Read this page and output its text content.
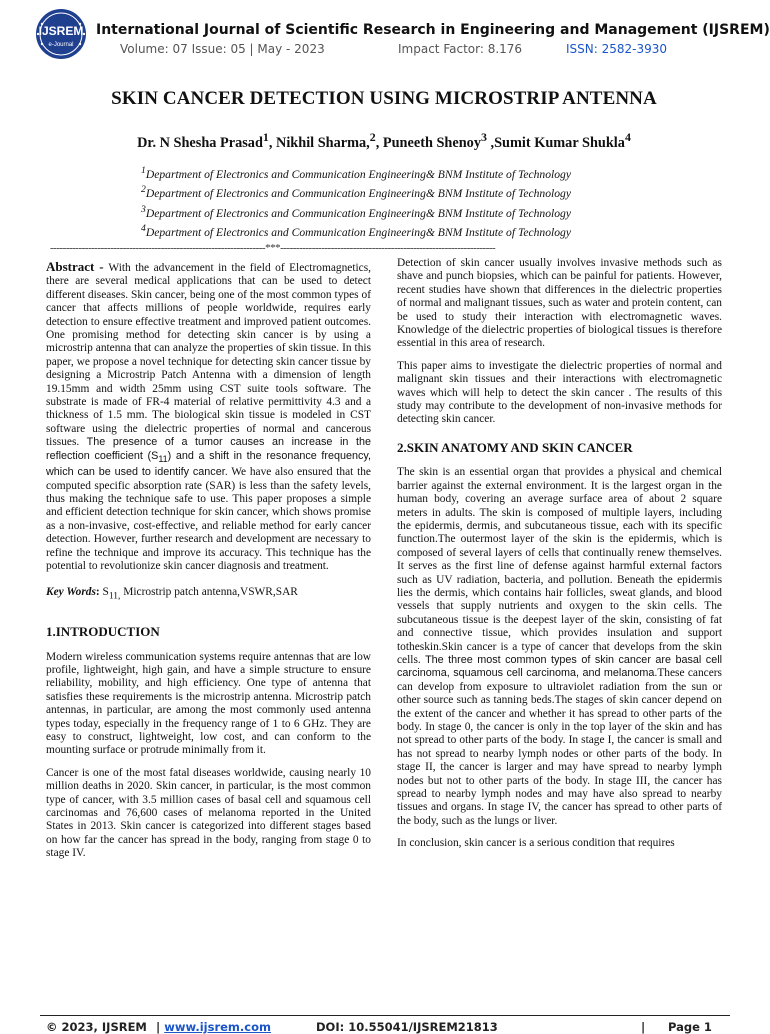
IJSREM
e-Journal
International Journal of Scientific Research in Engineering and Management (IJSREM)
Volume: 07 Issue: 05 | May - 2023	Impact Factor: 8.176	ISSN: 2582-3930
SKIN CANCER DETECTION USING MICROSTRIP ANTENNA
Dr. N Shesha Prasad$^1$, Nikhil Sharma,$^2$, Puneeth Shenoy$^3$ ,Sumit Kumar Shukla$^4$
$^1$Department of Electronics and Communication Engineering& BNM Institute of Technology
$^2$Department of Electronics and Communication Engineering& BNM Institute of Technology
$^3$Department of Electronics and Communication Engineering& BNM Institute of Technology
$^4$Department of Electronics and Communication Engineering& BNM Institute of Technology
--------------------------------------------------------------------***--------------------------------------------------------------------

Abstract - With the advancement in the field of Electromagnetics, there are several medical applications that can be used to detect different diseases. Skin cancer, being one of the most common types of cancer that affects millions of people worldwide, requires early detection to ensure effective treatment and improved patient outcomes. One promising method for detecting skin cancer is by using a microstrip antenna that can analyze the properties of skin tissue. In this paper, we propose a novel technique for detecting skin cancer tissue by designing a Microstrip Patch Antenna with a dimension of length 19.15mm and width 25mm using CST suite tools software. The substrate is made of FR-4 material of relative permittivity 4.3 and a thickness of 1.5 mm. The biological skin tissue is modeled in CST software using the dielectric properties of normal and cancerous tissues. The presence of a tumor causes an increase in the reflection coefficient $(S_{11})$ and a shift in the resonance frequency, which can be used to identify cancer. We have also ensured that the computed specific absorption rate (SAR) is less than the safety levels, thus making the technique safe to use. This paper proposes a simple and efficient detection technique for skin cancer, which shows promise as a non-invasive, cost-effective, and reliable method for early cancer detection. However, further research and development are necessary to refine the technique and improve its accuracy. This technique has the potential to revolutionize skin cancer diagnosis and treatment.

Key Words: $S_{11,}$ Microstrip patch antenna,VSWR,SAR

1.INTRODUCTION

Modern wireless communication systems require antennas that are low profile, lightweight, high gain, and have a simple structure to ensure reliability, mobility, and high efficiency. One type of antenna that satisfies these requirements is the microstrip antenna. Microstrip patch antennas, in particular, are among the most commonly used antenna types today, especially in the frequency range of 1 to 6 GHz. They are easy to construct, lightweight, low cost, and can conform to the mounting surface or protrude minimally from it.

Cancer is one of the most fatal diseases worldwide, causing nearly 10 million deaths in 2020. Skin cancer, in particular, is the most common type of cancer, with 3.5 million cases of basal cell and squamous cell carcinomas and 76,600 cases of melanoma reported in the United States in 2013. Skin cancer is categorized into different stages based on how far the cancer has spread in the body, ranging from stage 0 to stage IV.

Detection of skin cancer usually involves invasive methods such as shave and punch biopsies, which can be painful for patients. However, recent studies have shown that differences in the dielectric properties of normal and malignant tissues, such as water and protein content, can be used to study their interaction with electromagnetic waves. Knowledge of the dielectric properties of biological tissues is therefore essential in this area of research.

This paper aims to investigate the dielectric properties of normal and malignant skin tissues and their interactions with electromagnetic waves which will help to detect the skin cancer . The results of this study may contribute to the development of non-invasive methods for detecting skin cancer.

2.SKIN ANATOMY AND SKIN CANCER

The skin is an essential organ that provides a physical and chemical barrier against the external environment. It is the largest organ in the human body, covering an average surface area of about 2 square meters in adults. The skin is composed of multiple layers, including the epidermis, dermis, and subcutaneous tissue, each with its specific function.The outermost layer of the skin is the epidermis, which is composed of several layers of cells that continually renew themselves. It serves as the first line of defense against harmful external factors such as UV radiation, bacteria, and pollution. Beneath the epidermis lies the dermis, which contains hair follicles, sweat glands, and blood vessels that supply nutrients and oxygen to the skin cells. The subcutaneous tissue is the deepest layer of the skin, consisting of fat and connective tissue, which provides insulation and support totheskin.Skin cancer is a type of cancer that develops from the skin cells. The three most common types of skin cancer are basal cell carcinoma, squamous cell carcinoma, and melanoma.These cancers can develop from exposure to ultraviolet radiation from the sun or other source such as tanning beds.The stages of skin cancer depend on the extent of the cancer and whether it has spread to other parts of the body. In stage 0, the cancer is only in the top layer of the skin and has not spread to other parts of the body. In stage I, the cancer is small and has not spread to nearby lymph nodes or other parts of the body. In stage II, the cancer is larger and may have spread to nearby lymph nodes but not to other parts of the body. In stage III, the cancer has spread to nearby lymph nodes and may have also spread to nearby tissues and organs. In stage IV, the cancer has spread to other parts of the body, such as the lungs or liver.

In conclusion, skin cancer is a serious condition that requires

© 2023, IJSREM | www.ijsrem.com	DOI: 10.55041/IJSREM21813	| Page 1
